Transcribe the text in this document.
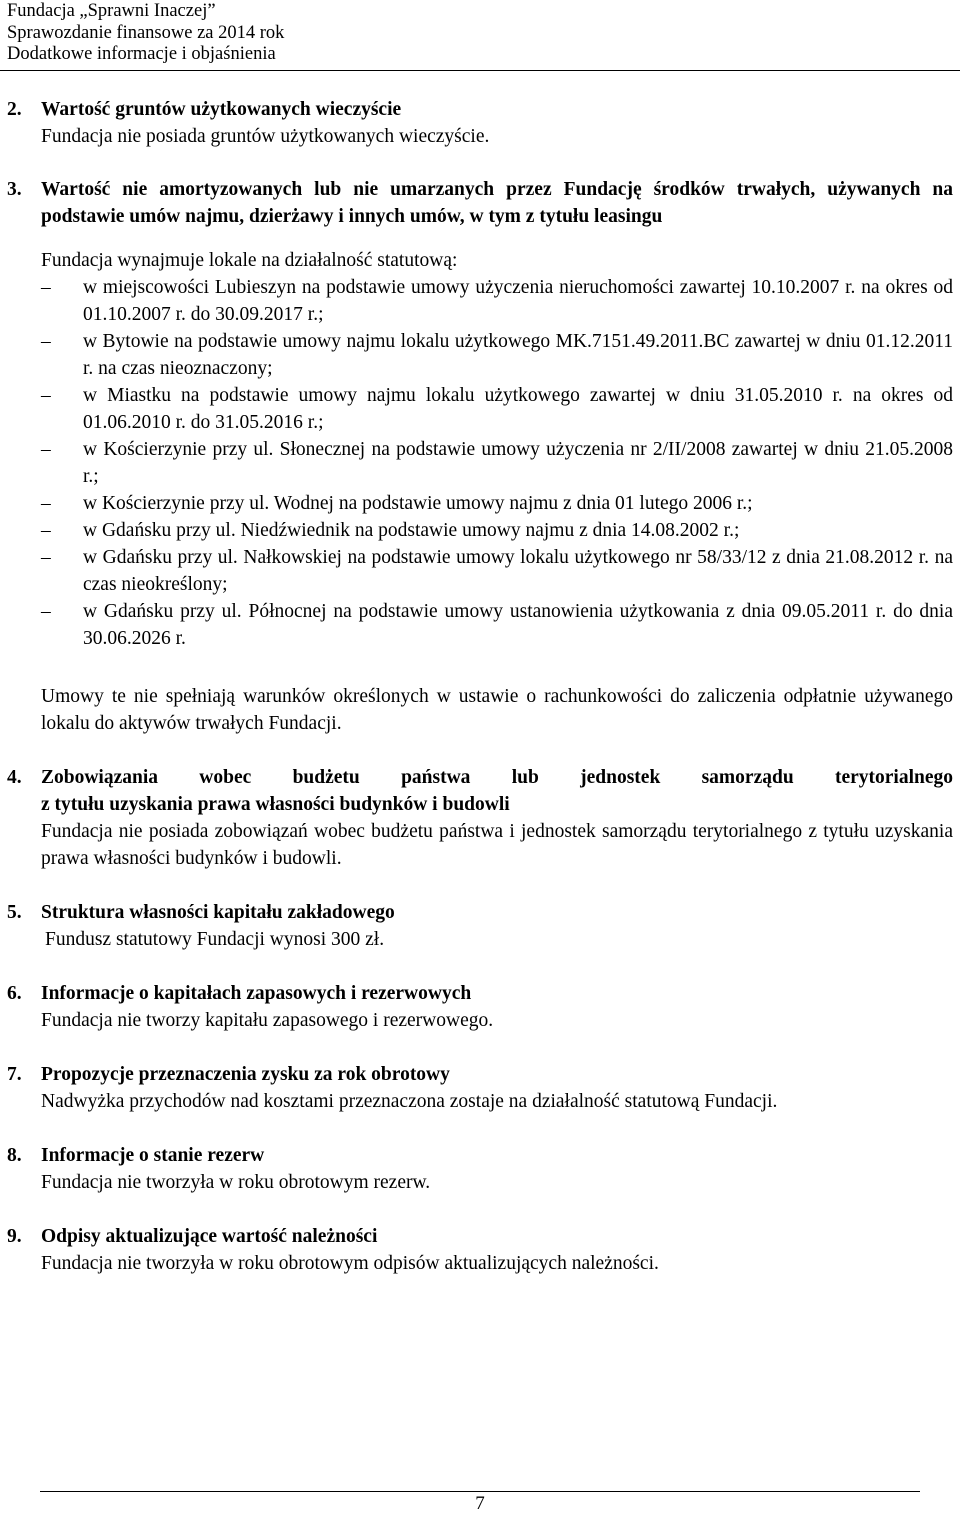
Fundacja „Sprawni Inaczej”
Sprawozdanie finansowe za 2014 rok
Dodatkowe informacje i objaśnienia
2. Wartość gruntów użytkowanych wieczyście
Fundacja nie posiada gruntów użytkowanych wieczyście.
3. Wartość nie amortyzowanych lub nie umarzanych przez Fundację środków trwałych, używanych na podstawie umów najmu, dzierżawy i innych umów, w tym z tytułu leasingu
Fundacja wynajmuje lokale na działalność statutową:
– w miejscowości Lubieszyn na podstawie umowy użyczenia nieruchomości zawartej 10.10.2007 r. na okres od 01.10.2007 r. do 30.09.2017 r.;
– w Bytowie na podstawie umowy najmu lokalu użytkowego MK.7151.49.2011.BC zawartej w dniu 01.12.2011 r. na czas nieoznaczony;
– w Miastku na podstawie umowy najmu lokalu użytkowego zawartej w dniu 31.05.2010 r. na okres od 01.06.2010 r. do 31.05.2016 r.;
– w Kościerzynie przy ul. Słonecznej na podstawie umowy użyczenia nr 2/II/2008 zawartej w dniu 21.05.2008 r.;
– w Kościerzynie przy ul. Wodnej na podstawie umowy najmu z dnia 01 lutego 2006 r.;
– w Gdańsku przy ul. Niedźwiednik na podstawie umowy najmu z dnia 14.08.2002 r.;
– w Gdańsku przy ul. Nałkowskiej na podstawie umowy lokalu użytkowego nr 58/33/12 z dnia 21.08.2012 r. na czas nieokreślony;
– w Gdańsku przy ul. Północnej na podstawie umowy ustanowienia użytkowania z dnia 09.05.2011 r. do dnia 30.06.2026 r.
Umowy te nie spełniają warunków określonych w ustawie o rachunkowości do zaliczenia odpłatnie używanego lokalu do aktywów trwałych Fundacji.
4. Zobowiązania wobec budżetu państwa lub jednostek samorządu terytorialnego
z tytułu uzyskania prawa własności budynków i budowli
Fundacja nie posiada zobowiązań wobec budżetu państwa i jednostek samorządu terytorialnego z tytułu uzyskania prawa własności budynków i budowli.
5. Struktura własności kapitału zakładowego
Fundusz statutowy Fundacji wynosi 300 zł.
6. Informacje o kapitałach zapasowych i rezerwowych
Fundacja nie tworzy kapitału zapasowego i rezerwowego.
7. Propozycje przeznaczenia zysku za rok obrotowy
Nadwyżka przychodów nad kosztami przeznaczona zostaje na działalność statutową Fundacji.
8. Informacje o stanie rezerw
Fundacja nie tworzyła w roku obrotowym rezerw.
9. Odpisy aktualizujące wartość należności
Fundacja nie tworzyła w roku obrotowym odpisów aktualizujących należności.
7
